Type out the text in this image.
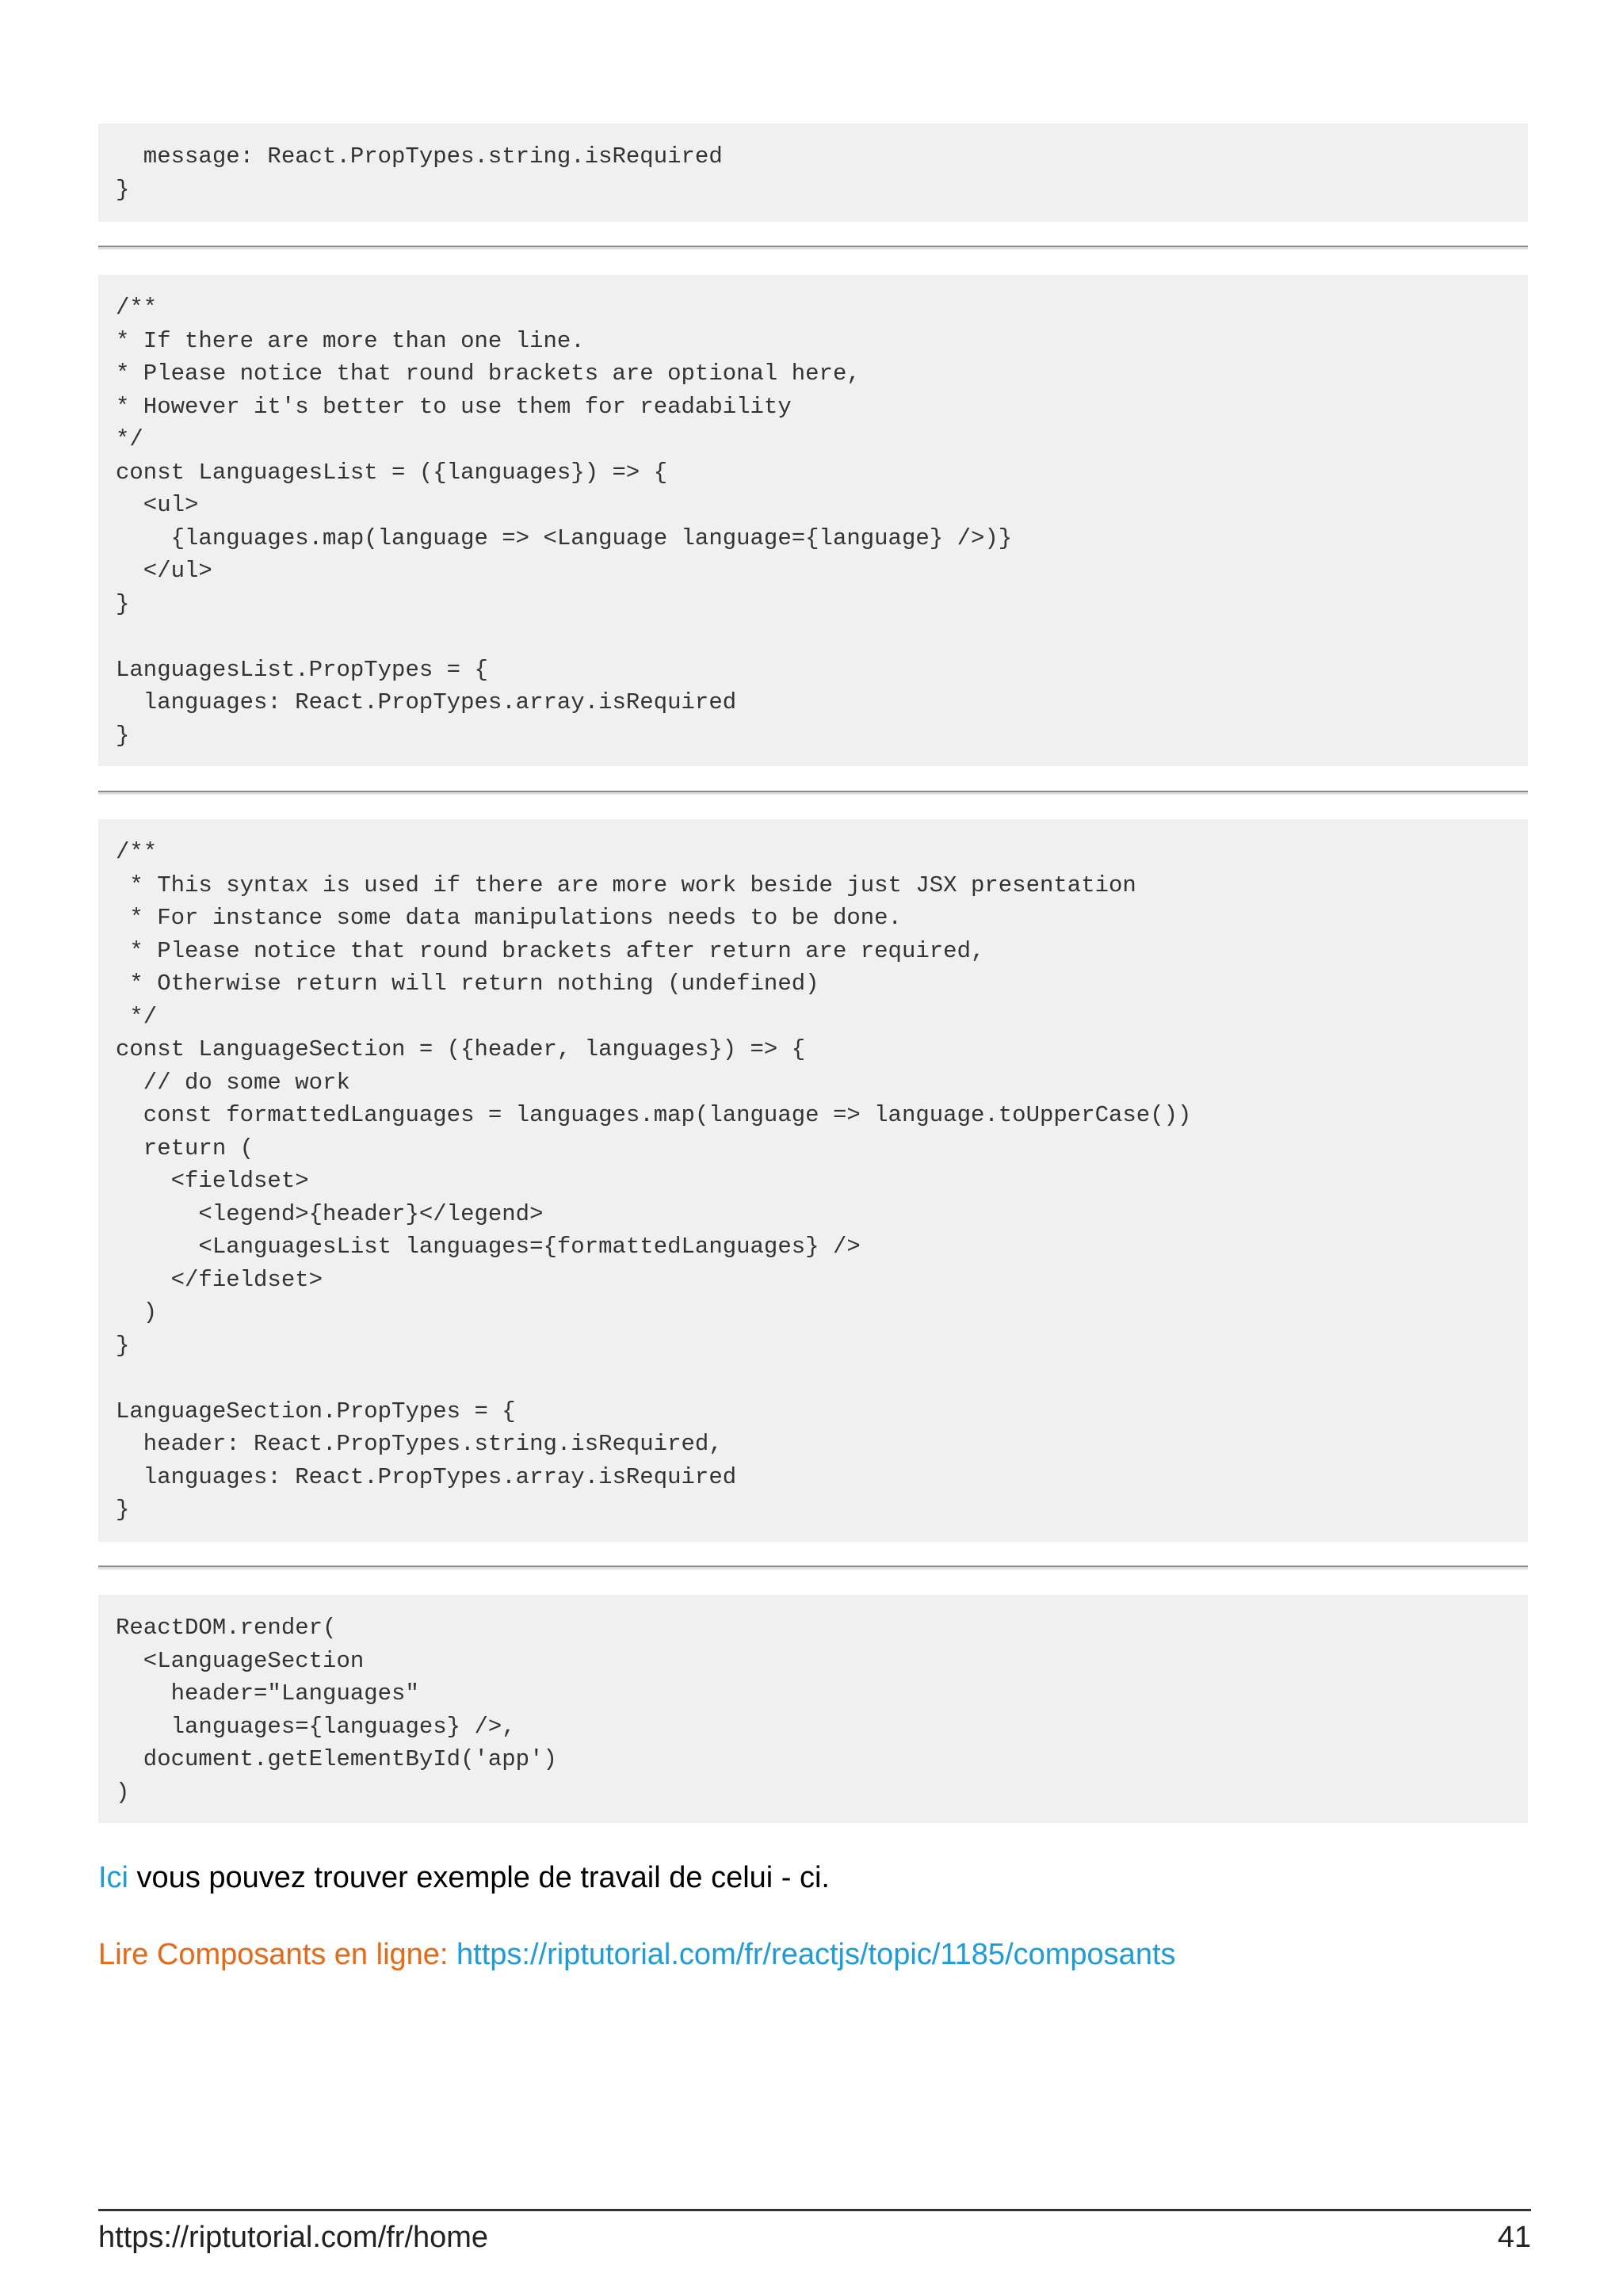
message: React.PropTypes.string.isRequired
}
/**
* If there are more than one line.
* Please notice that round brackets are optional here,
* However it's better to use them for readability
*/
const LanguagesList = ({languages}) => {
<ul>
{languages.map(language => <Language language={language} />)}
</ul>
}

LanguagesList.PropTypes = {
languages: React.PropTypes.array.isRequired
}
/**
* This syntax is used if there are more work beside just JSX presentation
* For instance some data manipulations needs to be done.
* Please notice that round brackets after return are required,
* Otherwise return will return nothing (undefined)
*/
const LanguageSection = ({header, languages}) => {
// do some work
const formattedLanguages = languages.map(language => language.toUpperCase())
return (
<fieldset>
<legend>{header}</legend>
<LanguagesList languages={formattedLanguages} />
</fieldset>
)
}

LanguageSection.PropTypes = {
header: React.PropTypes.string.isRequired,
languages: React.PropTypes.array.isRequired
}
ReactDOM.render(
<LanguageSection
header="Languages"
languages={languages} />,
document.getElementById('app')
)

Ici vous pouvez trouver exemple de travail de celui - ci.

Lire Composants en ligne: https://riptutorial.com/fr/reactjs/topic/1185/composants

https://riptutorial.com/fr/home	41
